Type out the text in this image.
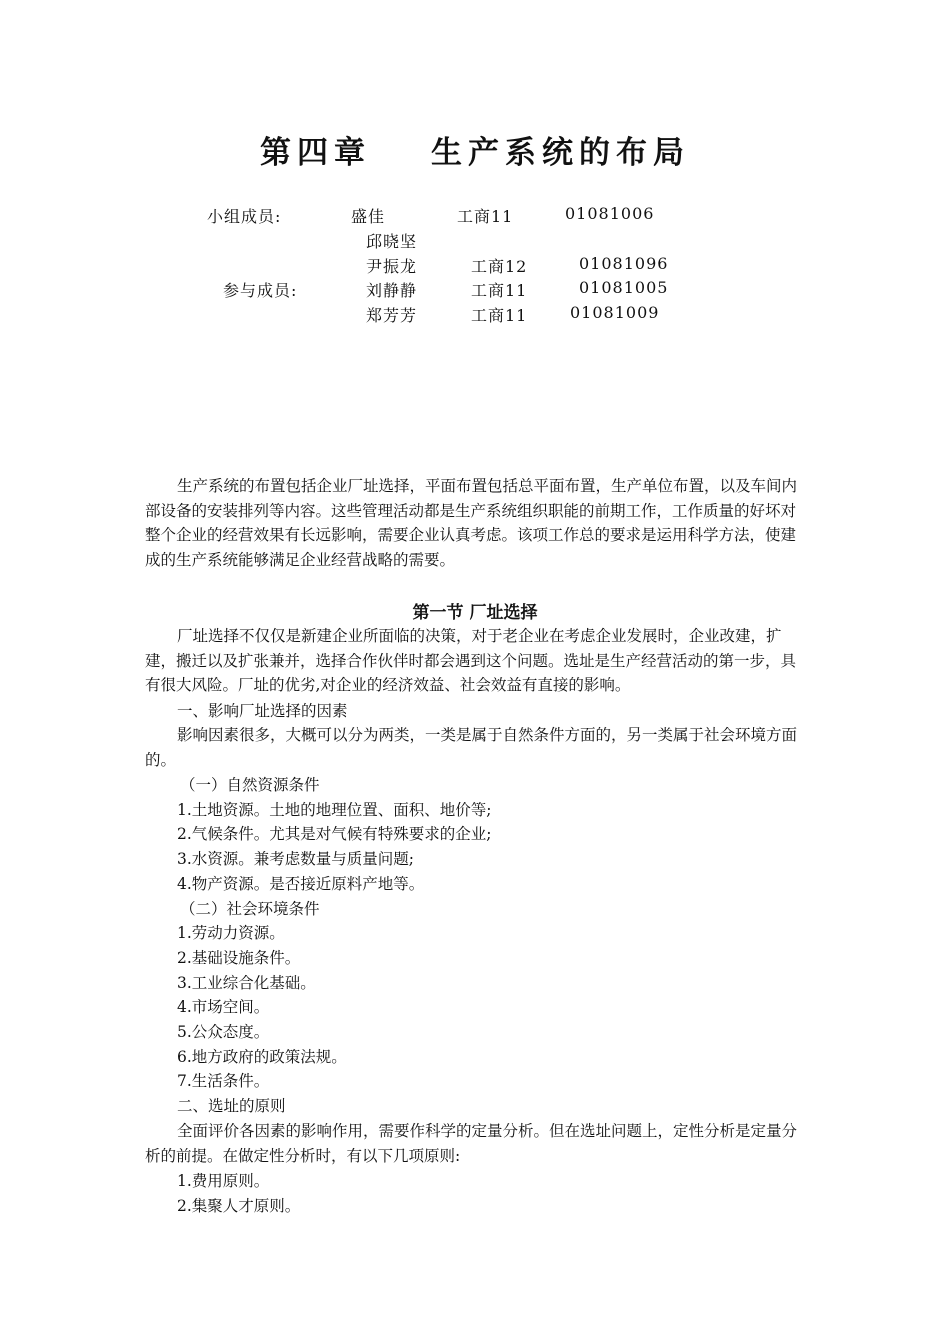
第四章 生产系统的布局
小组成员:	盛佳	工商11	01081006
邱晓坚
尹振龙	工商12	01081096
参与成员:	刘静静	工商11	01081005
郑芳芳	工商11	01081009
生产系统的布置包括企业厂址选择，平面布置包括总平面布置，生产单位布置，以及车间内部设备的安装排列等内容。这些管理活动都是生产系统组织职能的前期工作，工作质量的好坏对整个企业的经营效果有长远影响，需要企业认真考虑。该项工作总的要求是运用科学方法，使建成的生产系统能够满足企业经营战略的需要。
第一节 厂址选择
厂址选择不仅仅是新建企业所面临的决策，对于老企业在考虑企业发展时，企业改建，扩建，搬迁以及扩张兼并，选择合作伙伴时都会遇到这个问题。选址是生产经营活动的第一步，具有很大风险。厂址的优劣,对企业的经济效益、社会效益有直接的影响。
一、影响厂址选择的因素
影响因素很多，大概可以分为两类，一类是属于自然条件方面的，另一类属于社会环境方面的。
（一）自然资源条件
1.土地资源。土地的地理位置、面积、地价等;
2.气候条件。尤其是对气候有特殊要求的企业;
3.水资源。兼考虑数量与质量问题;
4.物产资源。是否接近原料产地等。
（二）社会环境条件
1.劳动力资源。
2.基础设施条件。
3.工业综合化基础。
4.市场空间。
5.公众态度。
6.地方政府的政策法规。
7.生活条件。
二、选址的原则
全面评价各因素的影响作用，需要作科学的定量分析。但在选址问题上，定性分析是定量分析的前提。在做定性分析时，有以下几项原则:
1.费用原则。
2.集聚人才原则。
